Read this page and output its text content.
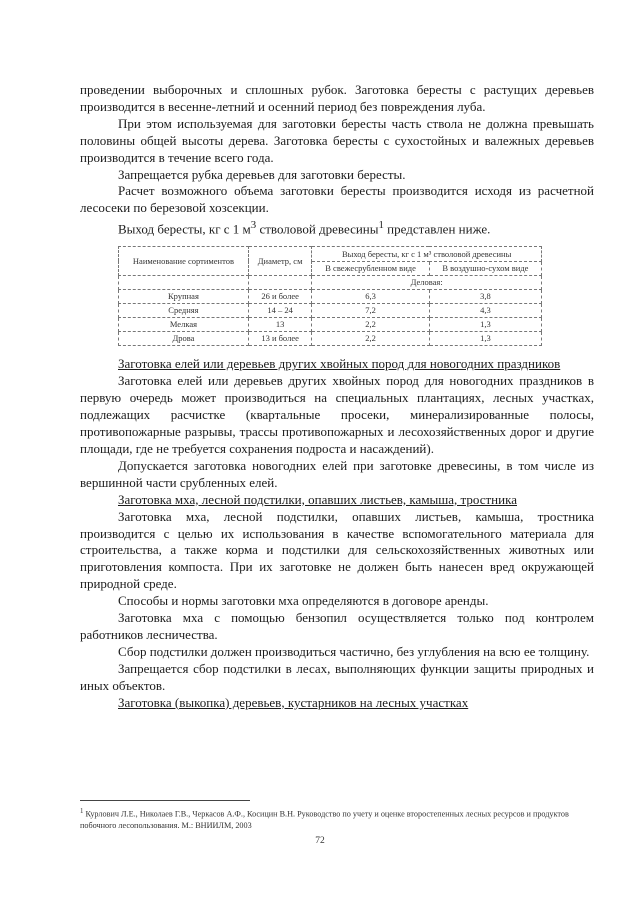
проведении выборочных и сплошных рубок. Заготовка бересты с растущих деревьев производится в весенне-летний и осенний период без повреждения луба.

При этом используемая для заготовки бересты часть ствола не должна превышать половины общей высоты дерева. Заготовка бересты с сухостойных и валежных деревьев производится в течение всего года.

Запрещается рубка деревьев для заготовки бересты.

Расчет возможного объема заготовки бересты производится исходя из расчетной лесосеки по березовой хозсекции.

Выход бересты, кг с 1 $м^3$ стволовой древесины$^1$ представлен ниже.

Наименование сортиментов	Диаметр, см	Выход бересты, кг с 1 м³ стволовой древесины	
		В свежесрубленном виде	В воздушно-сухом виде
		Деловая:	
Крупная	26 и более	6,3	3,8
Средняя	14 – 24	7,2	4,3
Мелкая	13	2,2	1,3
Дрова	13 и более	2,2	1,3

Заготовка елей или деревьев других хвойных пород для новогодних праздников

Заготовка елей или деревьев других хвойных пород для новогодних праздников в первую очередь может производиться на специальных плантациях, лесных участках, подлежащих расчистке (квартальные просеки, минерализированные полосы, противопожарные разрывы, трассы противопожарных и лесохозяйственных дорог и другие площади, где не требуется сохранения подроста и насаждений).

Допускается заготовка новогодних елей при заготовке древесины, в том числе из вершинной части срубленных елей.

Заготовка мха, лесной подстилки, опавших листьев, камыша, тростника

Заготовка мха, лесной подстилки, опавших листьев, камыша, тростника производится с целью их использования в качестве вспомогательного материала для строительства, а также корма и подстилки для сельскохозяйственных животных или приготовления компоста. При их заготовке не должен быть нанесен вред окружающей природной среде.

Способы и нормы заготовки мха определяются в договоре аренды.

Заготовка мха с помощью бензопил осуществляется только под контролем работников лесничества.

Сбор подстилки должен производиться частично, без углубления на всю ее толщину.

Запрещается сбор подстилки в лесах, выполняющих функции защиты природных и иных объектов.

Заготовка (выкопка) деревьев, кустарников на лесных участках

$^1$ Курлович Л.Е., Николаев Г.В., Черкасов А.Ф., Косицин В.Н. Руководство по учету и оценке второстепенных лесных ресурсов и продуктов побочного лесопользования. М.: ВНИИЛМ, 2003
72
